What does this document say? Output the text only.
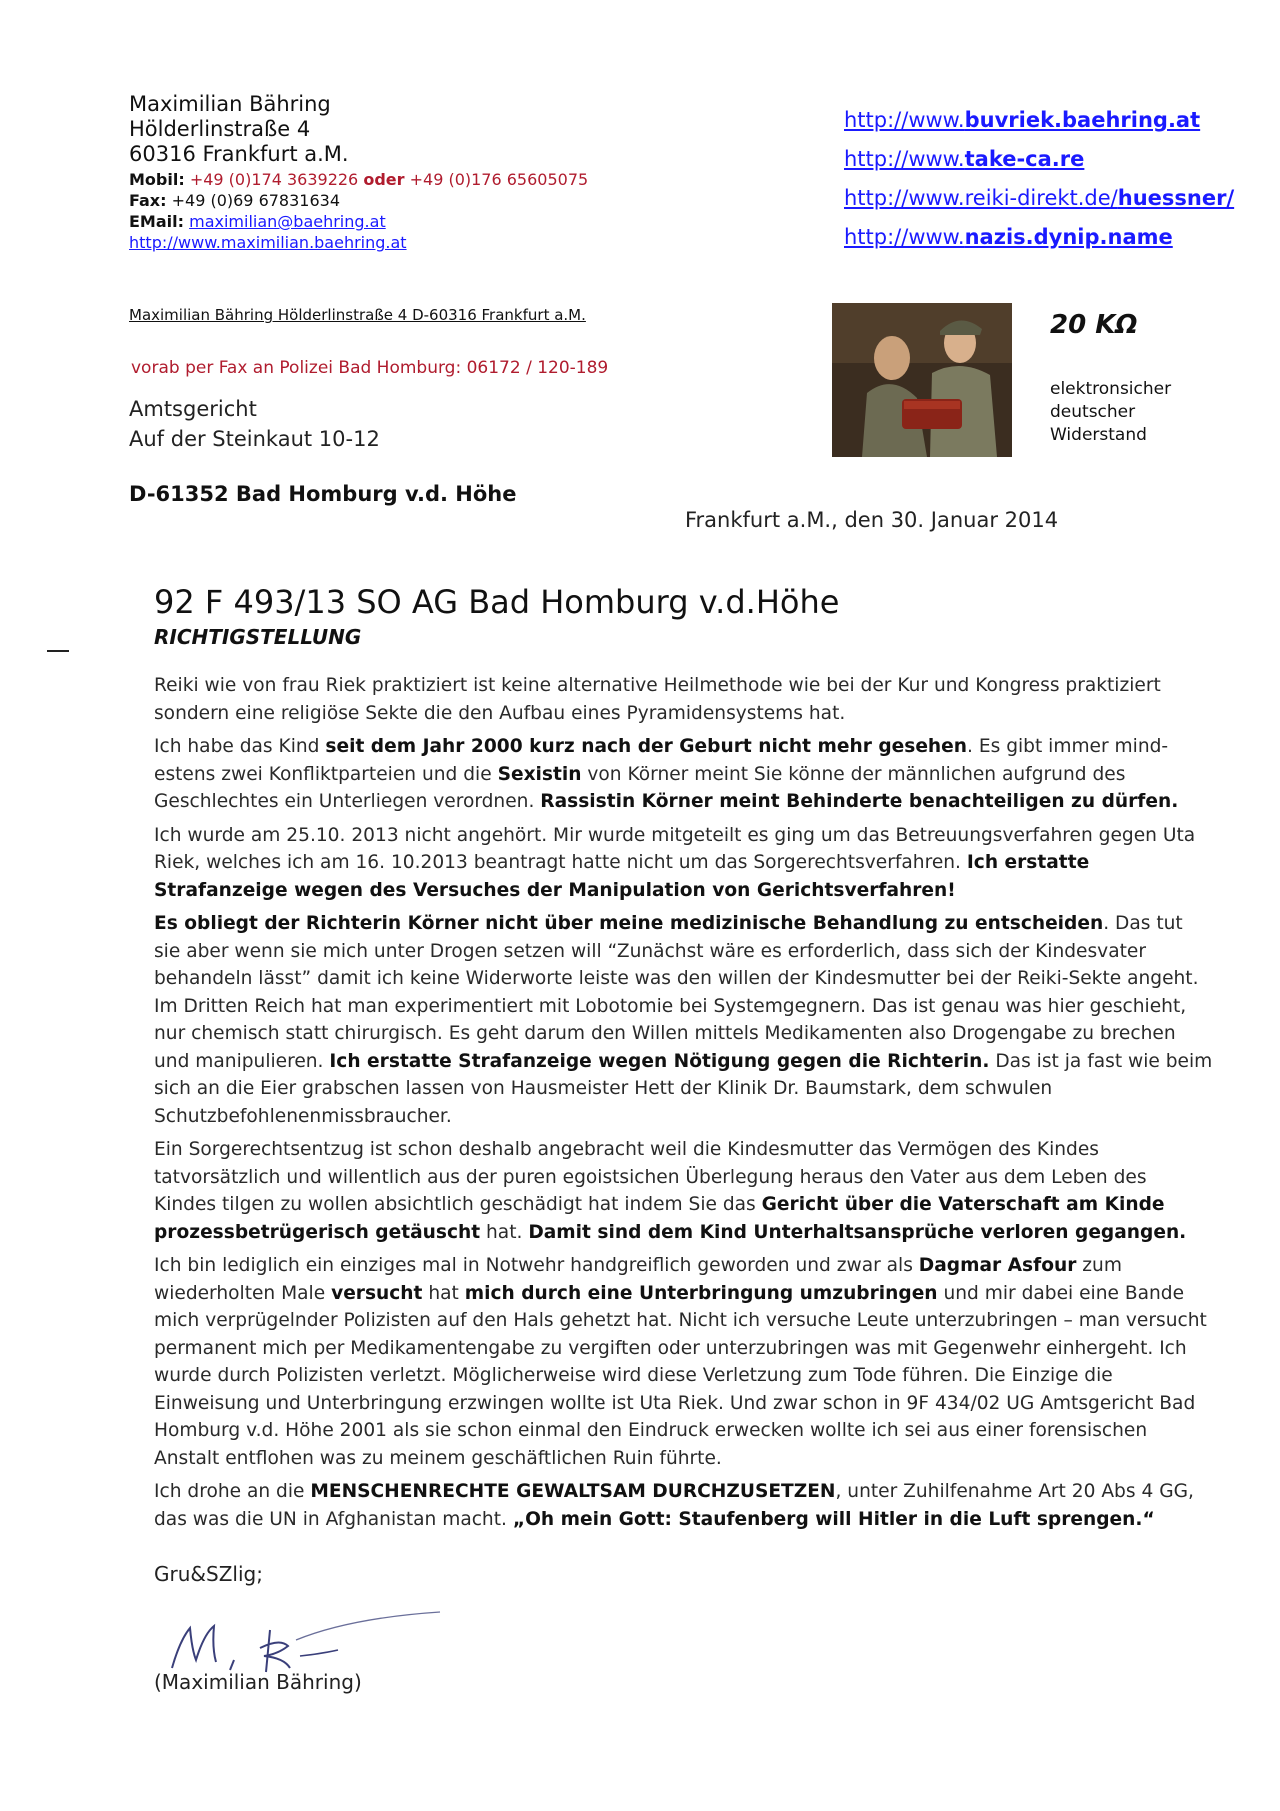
Maximilian Bähring
Hölderlinstraße 4
60316 Frankfurt a.M.
Mobil: +49 (0)174 3639226 oder +49 (0)176 65605075
Fax: +49 (0)69 67831634
EMail: maximilian@baehring.at
http://www.maximilian.baehring.at
http://www.buvriek.baehring.at
http://www.take-ca.re
http://www.reiki-direkt.de/huessner/
http://www.nazis.dynip.name
Maximilian Bähring Hölderlinstraße 4 D-60316 Frankfurt a.M.
vorab per Fax an Polizei Bad Homburg: 06172 / 120-189
Amtsgericht
Auf der Steinkaut 10-12
D-61352 Bad Homburg v.d. Höhe
20 KΩ
elektronsicher
deutscher
Widerstand
Frankfurt a.M., den 30. Januar 2014
92 F 493/13 SO AG Bad Homburg v.d.Höhe
RICHTIGSTELLUNG

Reiki wie von frau Riek praktiziert ist keine alternative Heilmethode wie bei der Kur und Kongress praktiziert sondern eine religiöse Sekte die den Aufbau eines Pyramidensystems hat.

Ich habe das Kind seit dem Jahr 2000 kurz nach der Geburt nicht mehr gesehen. Es gibt immer mind-estens zwei Konfliktparteien und die Sexistin von Körner meint Sie könne der männlichen aufgrund des Geschlechtes ein Unterliegen verordnen. Rassistin Körner meint Behinderte benachteiligen zu dürfen.

Ich wurde am 25.10. 2013 nicht angehört. Mir wurde mitgeteilt es ging um das Betreuungsverfahren gegen Uta Riek, welches ich am 16. 10.2013 beantragt hatte nicht um das Sorgerechtsverfahren. Ich erstatte Strafanzeige wegen des Versuches der Manipulation von Gerichtsverfahren!

Es obliegt der Richterin Körner nicht über meine medizinische Behandlung zu entscheiden. Das tut sie aber wenn sie mich unter Drogen setzen will “Zunächst wäre es erforderlich, dass sich der Kindesvater behandeln lässt” damit ich keine Widerworte leiste was den willen der Kindesmutter bei der Reiki-Sekte angeht. Im Dritten Reich hat man experimentiert mit Lobotomie bei Systemgegnern. Das ist genau was hier geschieht, nur chemisch statt chirurgisch. Es geht darum den Willen mittels Medikamenten also Drogengabe zu brechen und manipulieren. Ich erstatte Strafanzeige wegen Nötigung gegen die Richterin. Das ist ja fast wie beim sich an die Eier grabschen lassen von Hausmeister Hett der Klinik Dr. Baumstark, dem schwulen Schutzbefohlenenmissbraucher.

Ein Sorgerechtsentzug ist schon deshalb angebracht weil die Kindesmutter das Vermögen des Kindes tatvorsätzlich und willentlich aus der puren egoistsichen Überlegung heraus den Vater aus dem Leben des Kindes tilgen zu wollen absichtlich geschädigt hat indem Sie das Gericht über die Vaterschaft am Kinde prozessbetrügerisch getäuscht hat. Damit sind dem Kind Unterhaltsansprüche verloren gegangen.

Ich bin lediglich ein einziges mal in Notwehr handgreiflich geworden und zwar als Dagmar Asfour zum wiederholten Male versucht hat mich durch eine Unterbringung umzubringen und mir dabei eine Bande mich verprügelnder Polizisten auf den Hals gehetzt hat. Nicht ich versuche Leute unterzubringen – man versucht permanent mich per Medikamentengabe zu vergiften oder unterzubringen was mit Gegenwehr einhergeht. Ich wurde durch Polizisten verletzt. Möglicherweise wird diese Verletzung zum Tode führen. Die Einzige die Einweisung und Unterbringung erzwingen wollte ist Uta Riek. Und zwar schon in 9F 434/02 UG Amtsgericht Bad Homburg v.d. Höhe 2001 als sie schon einmal den Eindruck erwecken wollte ich sei aus einer forensischen Anstalt entflohen was zu meinem geschäftlichen Ruin führte.

Ich drohe an die MENSCHENRECHTE GEWALTSAM DURCHZUSETZEN, unter Zuhilfenahme Art 20 Abs 4 GG, das was die UN in Afghanistan macht. „Oh mein Gott: Staufenberg will Hitler in die Luft sprengen.“

Gru&SZlig;
(Maximilian Bähring)
